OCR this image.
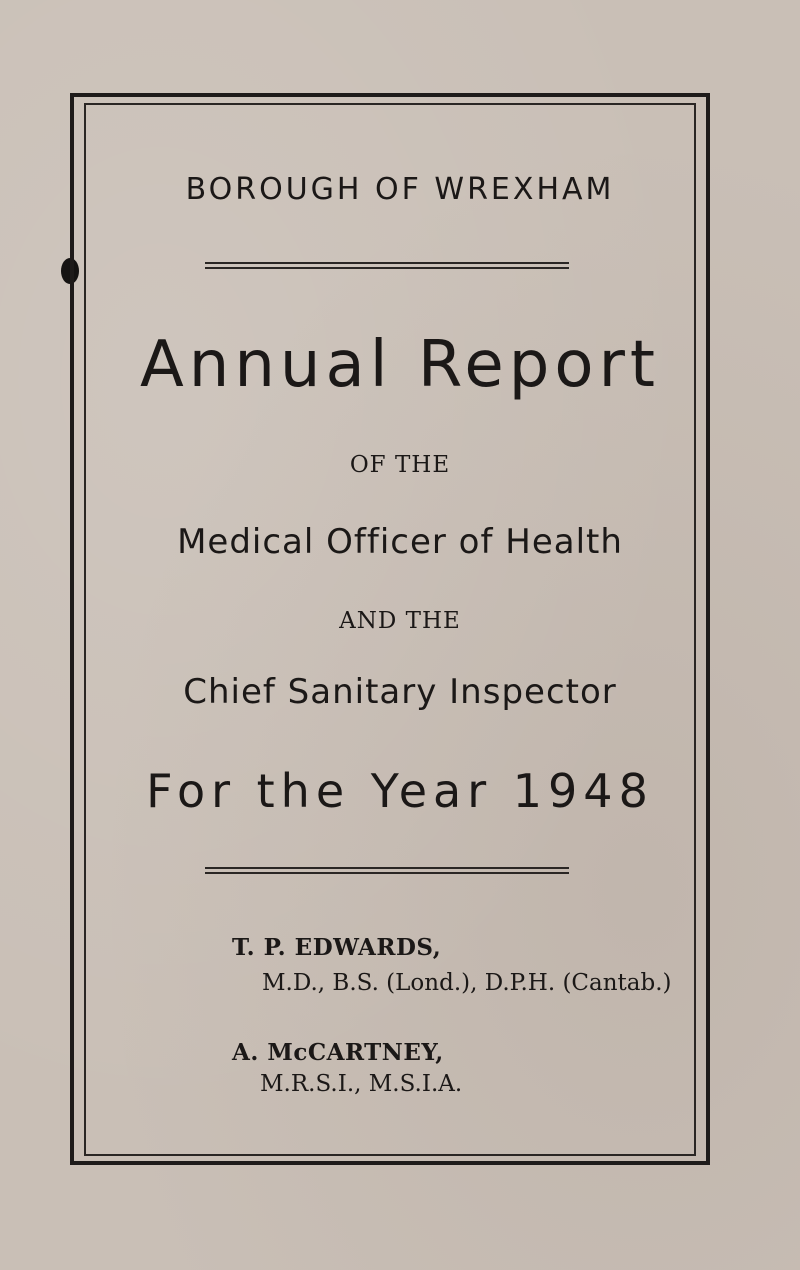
BOROUGH OF WREXHAM
Annual Report
OF THE
Medical Officer of Health
AND THE
Chief Sanitary Inspector
For the Year 1948
T. P. EDWARDS,
M.D., B.S. (Lond.), D.P.H. (Cantab.)
A. McCARTNEY,
M.R.S.I., M.S.I.A.
